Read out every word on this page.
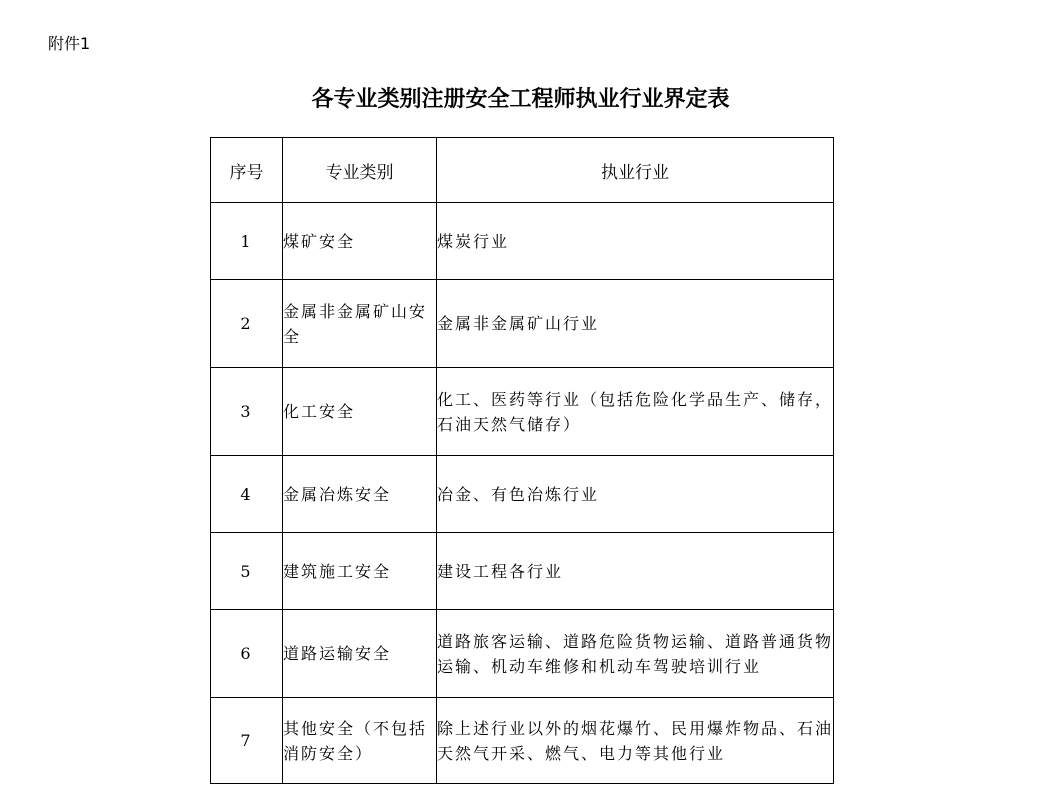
附件1
各专业类别注册安全工程师执业行业界定表
序号	专业类别	执业行业
1	煤矿安全	煤炭行业
2	金属非金属矿山安全	金属非金属矿山行业
3	化工安全	化工、医药等行业（包括危险化学品生产、储存，石油天然气储存）
4	金属冶炼安全	冶金、有色冶炼行业
5	建筑施工安全	建设工程各行业
6	道路运输安全	道路旅客运输、道路危险货物运输、道路普通货物运输、机动车维修和机动车驾驶培训行业
7	其他安全（不包括消防安全）	除上述行业以外的烟花爆竹、民用爆炸物品、石油天然气开采、燃气、电力等其他行业
